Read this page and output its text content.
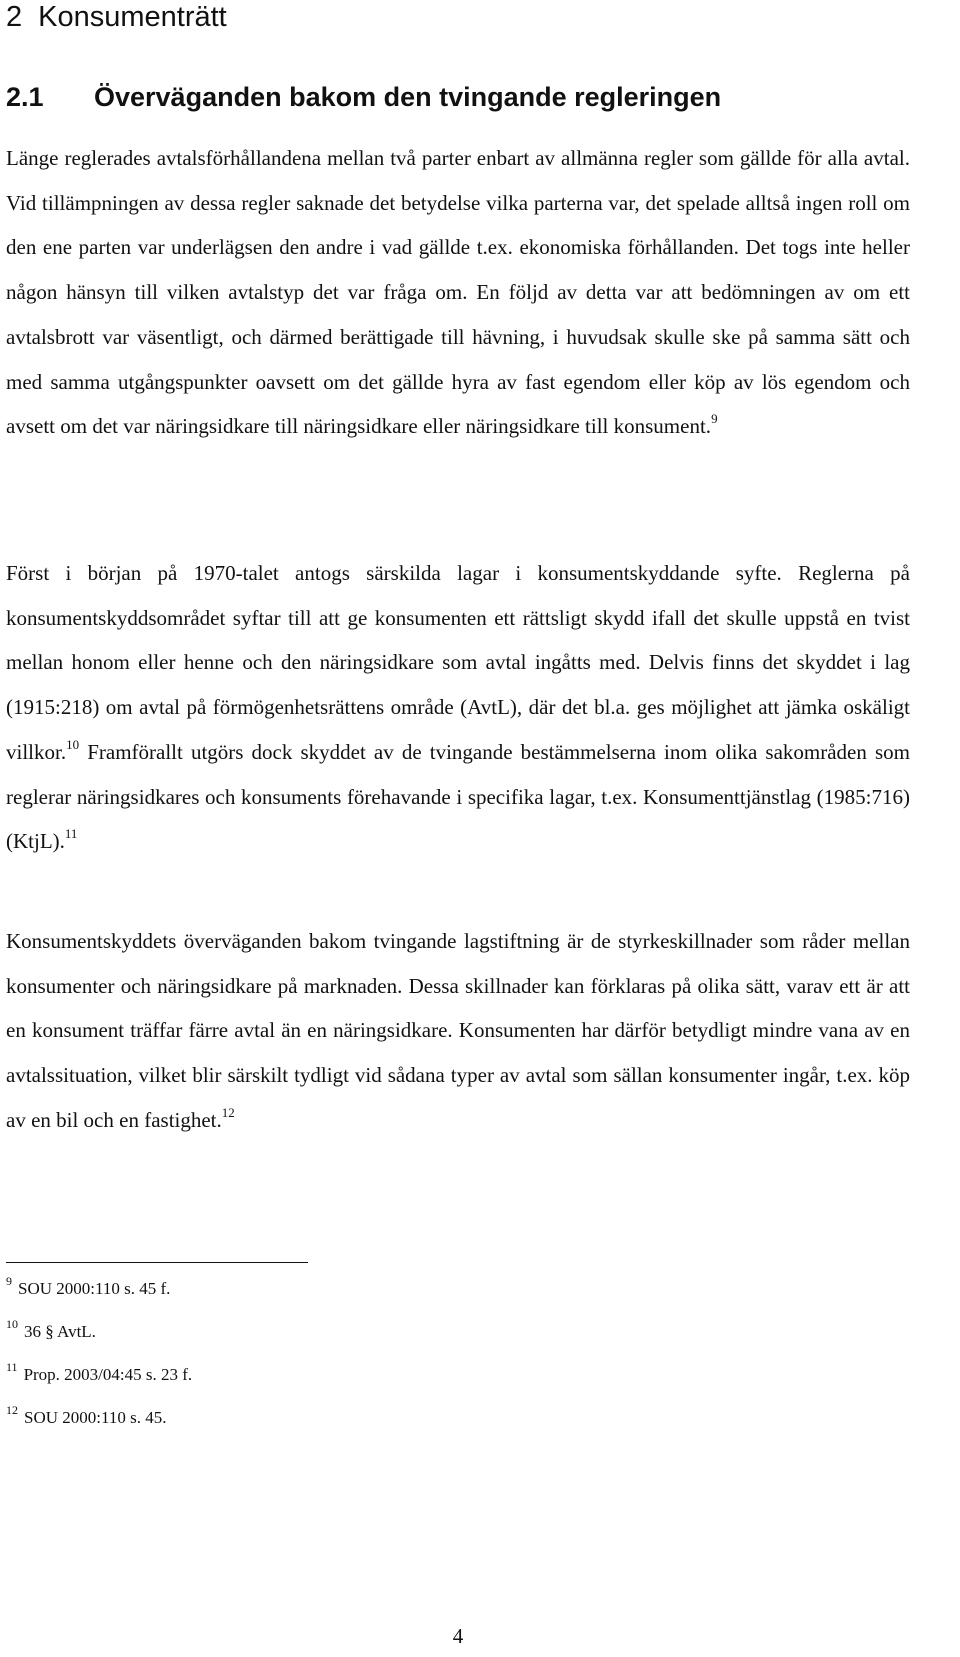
2 Konsumenträtt
2.1 Överväganden bakom den tvingande regleringen

Länge reglerades avtalsförhållandena mellan två parter enbart av allmänna regler som gällde för alla avtal. Vid tillämpningen av dessa regler saknade det betydelse vilka parterna var, det spelade alltså ingen roll om den ene parten var underlägsen den andre i vad gällde t.ex. ekonomiska förhållanden. Det togs inte heller någon hänsyn till vilken avtalstyp det var fråga om. En följd av detta var att bedömningen av om ett avtalsbrott var väsentligt, och därmed berättigade till hävning, i huvudsak skulle ske på samma sätt och med samma utgångspunkter oavsett om det gällde hyra av fast egendom eller köp av lös egendom och avsett om det var näringsidkare till näringsidkare eller näringsidkare till konsument.$^9$

Först i början på 1970-talet antogs särskilda lagar i konsumentskyddande syfte. Reglerna på konsumentskyddsområdet syftar till att ge konsumenten ett rättsligt skydd ifall det skulle uppstå en tvist mellan honom eller henne och den näringsidkare som avtal ingåtts med. Delvis finns det skyddet i lag (1915:218) om avtal på förmögenhetsrättens område (AvtL), där det bl.a. ges möjlighet att jämka oskäligt villkor.$^{10}$ Framförallt utgörs dock skyddet av de tvingande bestämmelserna inom olika sakområden som reglerar näringsidkares och konsuments förehavande i specifika lagar, t.ex. Konsumenttjänstlag (1985:716) (KtjL).$^{11}$

Konsumentskyddets överväganden bakom tvingande lagstiftning är de styrkeskillnader som råder mellan konsumenter och näringsidkare på marknaden. Dessa skillnader kan förklaras på olika sätt, varav ett är att en konsument träffar färre avtal än en näringsidkare. Konsumenten har därför betydligt mindre vana av en avtalssituation, vilket blir särskilt tydligt vid sådana typer av avtal som sällan konsumenter ingår, t.ex. köp av en bil och en fastighet.$^{12}$

$^9$ SOU 2000:110 s. 45 f.
$^{10}$ 36 § AvtL.
$^{11}$ Prop. 2003/04:45 s. 23 f.
$^{12}$ SOU 2000:110 s. 45.
4
